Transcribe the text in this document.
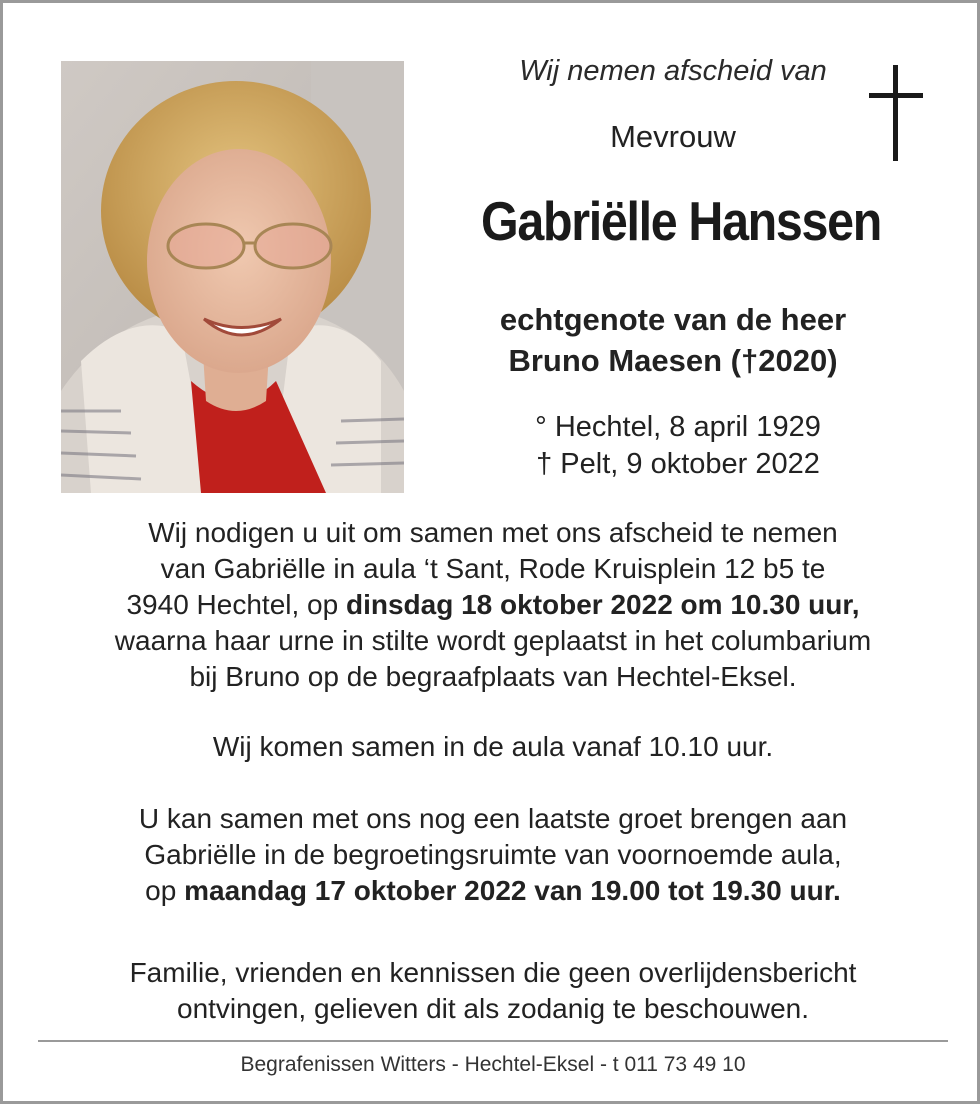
Wij nemen afscheid van
Mevrouw
Gabriëlle Hanssen
echtgenote van de heer
Bruno Maesen (†2020)
° Hechtel, 8 april 1929
† Pelt, 9 oktober 2022
Wij nodigen u uit om samen met ons afscheid te nemen
van Gabriëlle in aula ‘t Sant, Rode Kruisplein 12 b5 te
3940 Hechtel, op dinsdag 18 oktober 2022 om 10.30 uur,
waarna haar urne in stilte wordt geplaatst in het columbarium
bij Bruno op de begraafplaats van Hechtel-Eksel.
Wij komen samen in de aula vanaf 10.10 uur.
U kan samen met ons nog een laatste groet brengen aan
Gabriëlle in de begroetingsruimte van voornoemde aula,
op maandag 17 oktober 2022 van 19.00 tot 19.30 uur.
Familie, vrienden en kennissen die geen overlijdensbericht
ontvingen, gelieven dit als zodanig te beschouwen.
Begrafenissen Witters - Hechtel-Eksel - t 011 73 49 10
